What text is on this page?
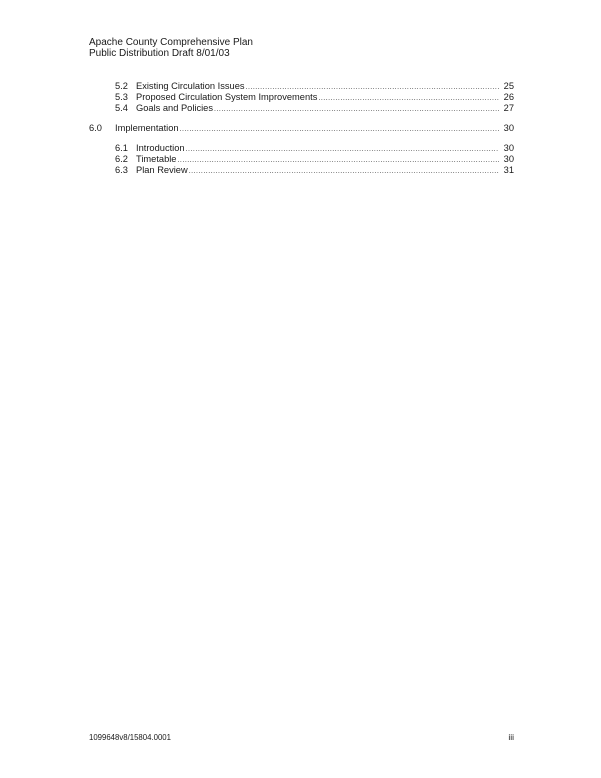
Apache County Comprehensive Plan
Public Distribution Draft 8/01/03
5.2 Existing Circulation Issues .....	25
5.3 Proposed Circulation System Improvements .....	26
5.4 Goals and Policies .....	27
6.0	Implementation .....	30
6.1 Introduction .....	30
6.2 Timetable .....	30
6.3 Plan Review .....	31
1099648v8/15804.0001	iii
